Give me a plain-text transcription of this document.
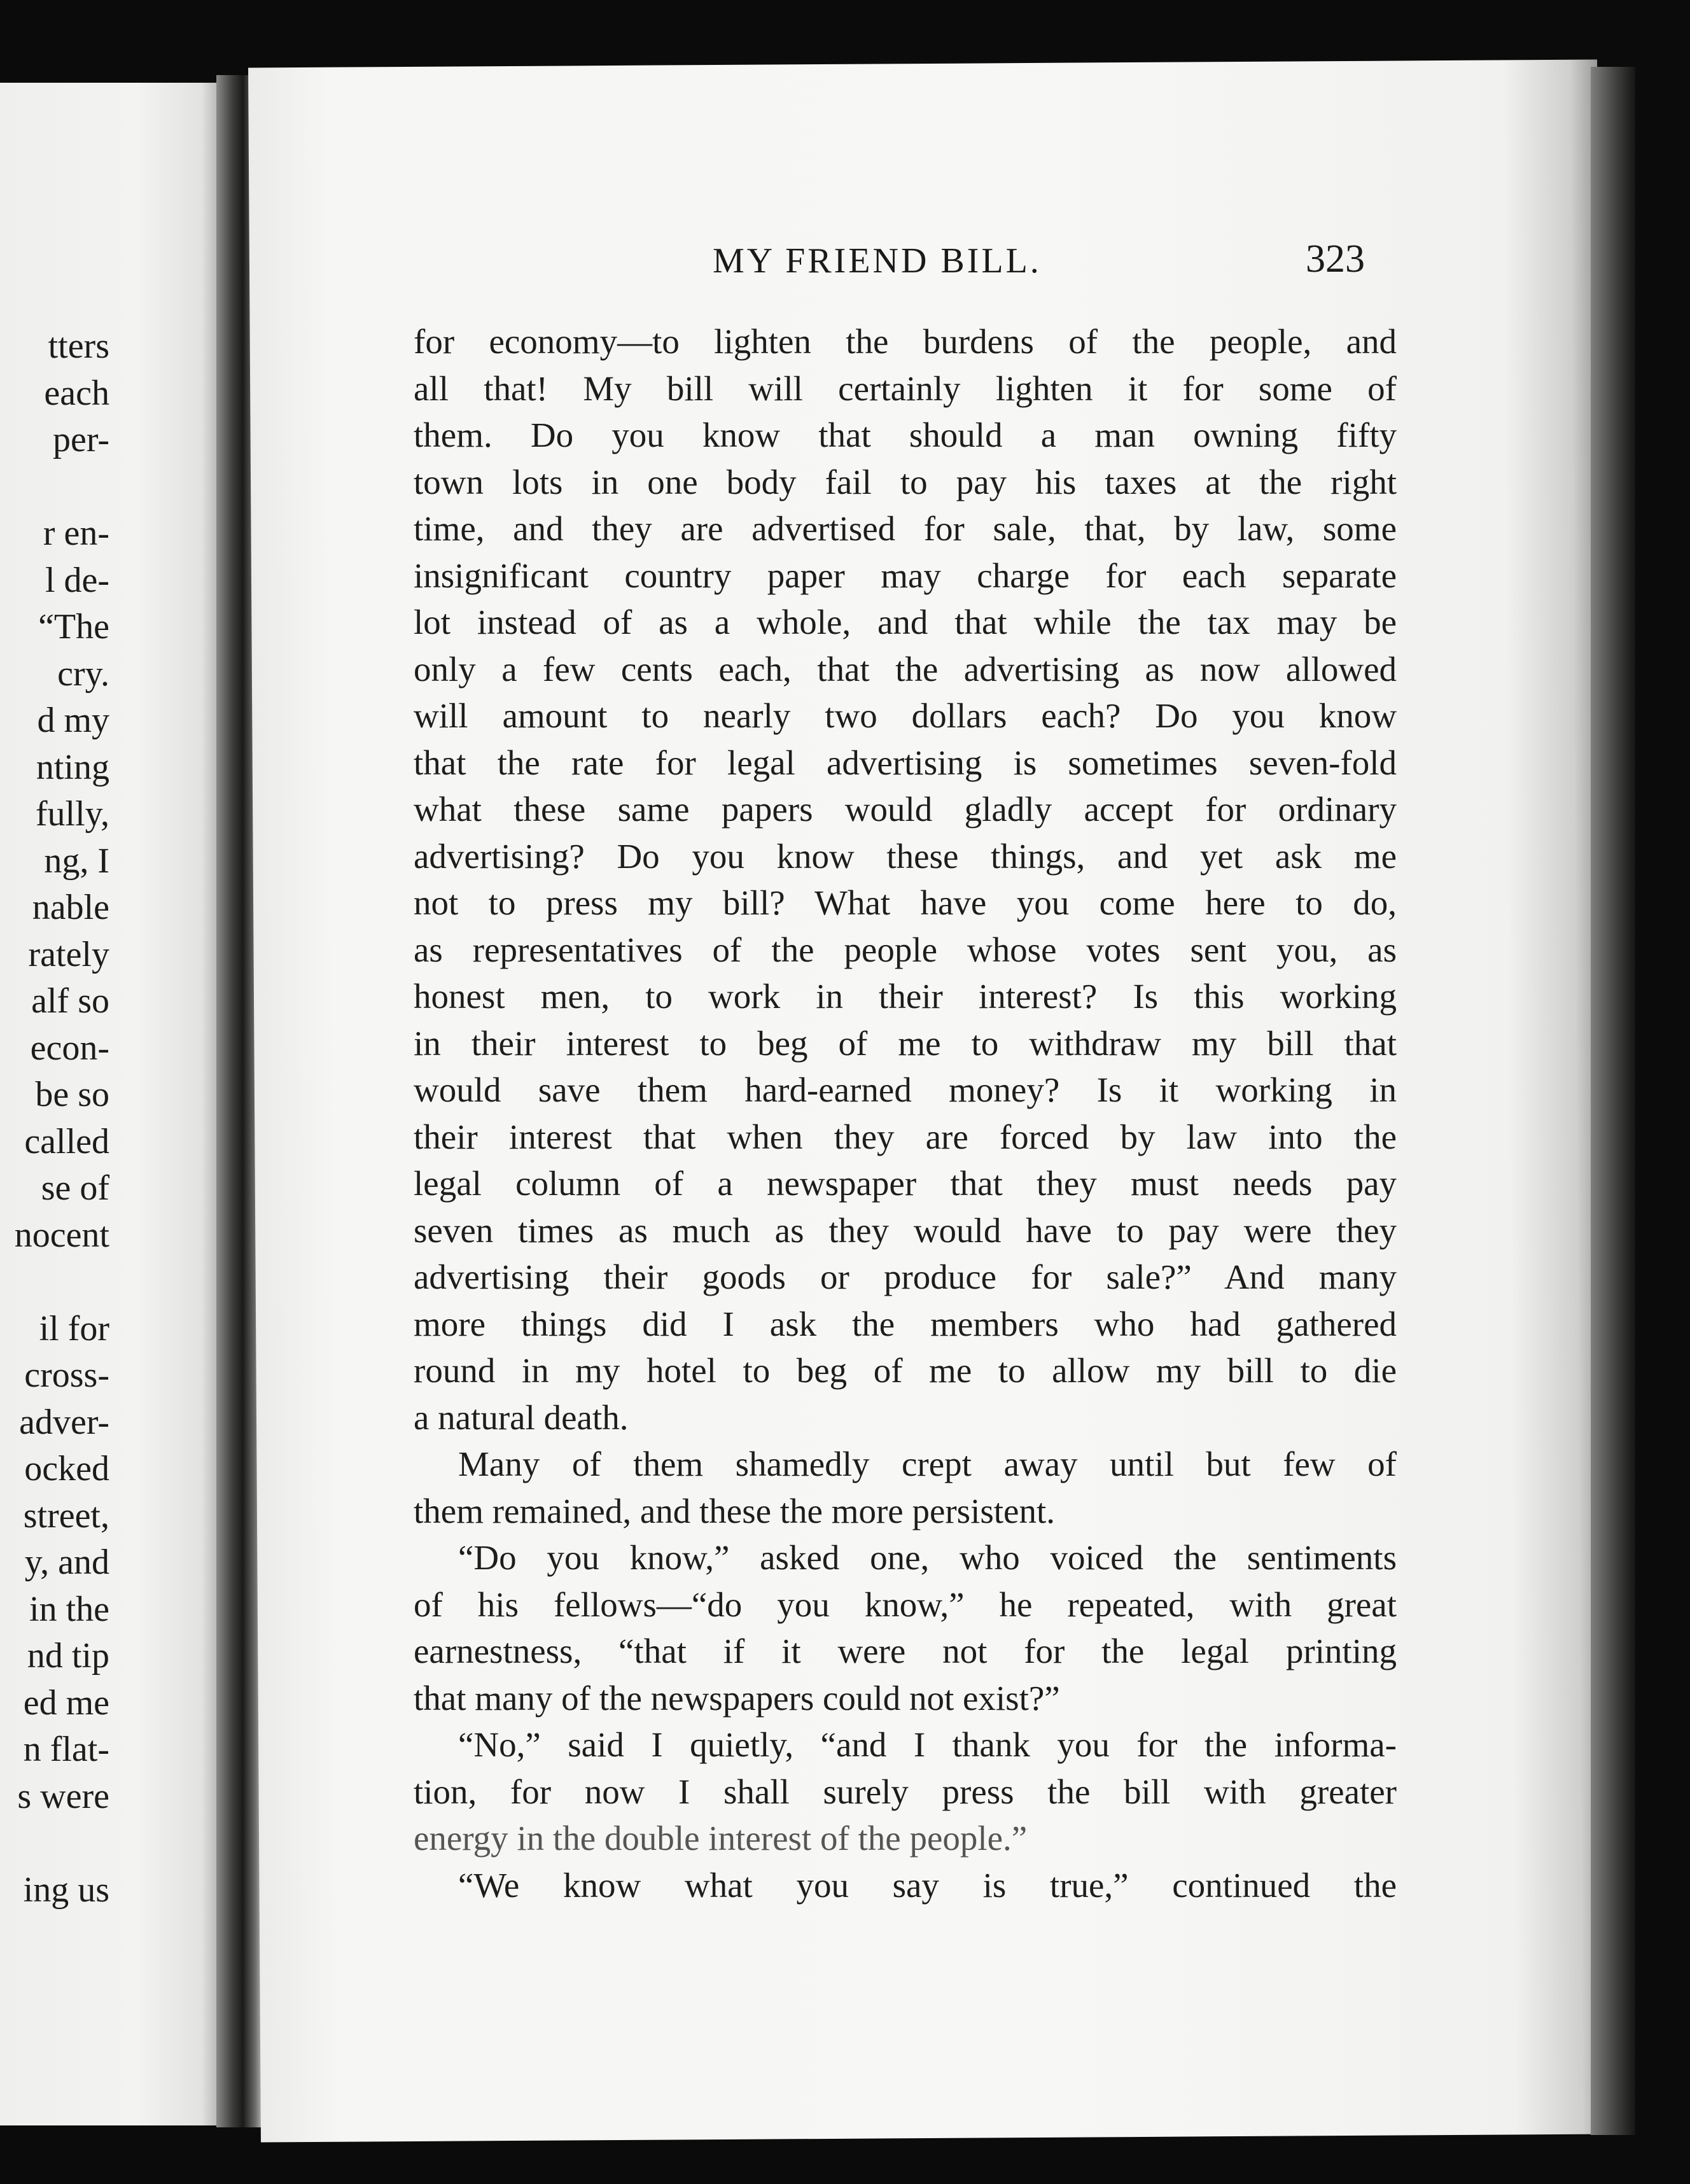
tters
each
per-
r en-
l de-
“The
cry.
d my
nting
fully,
ng, I
nable
rately
alf so
econ-
be so
called
se of
nocent
il for
cross-
adver-
ocked
street,
y, and
in the
nd tip
ed me
n flat-
s were
ing us
MY FRIEND BILL.	323
for economy—to lighten the burdens of the people, and
all that! My bill will certainly lighten it for some of
them. Do you know that should a man owning fifty
town lots in one body fail to pay his taxes at the right
time, and they are advertised for sale, that, by law, some
insignificant country paper may charge for each separate
lot instead of as a whole, and that while the tax may be
only a few cents each, that the advertising as now allowed
will amount to nearly two dollars each? Do you know
that the rate for legal advertising is sometimes seven-fold
what these same papers would gladly accept for ordinary
advertising? Do you know these things, and yet ask me
not to press my bill? What have you come here to do,
as representatives of the people whose votes sent you, as
honest men, to work in their interest? Is this working
in their interest to beg of me to withdraw my bill that
would save them hard-earned money? Is it working in
their interest that when they are forced by law into the
legal column of a newspaper that they must needs pay
seven times as much as they would have to pay were they
advertising their goods or produce for sale?” And many
more things did I ask the members who had gathered
round in my hotel to beg of me to allow my bill to die
a natural death.
Many of them shamedly crept away until but few of
them remained, and these the more persistent.
“Do you know,” asked one, who voiced the sentiments
of his fellows—“do you know,” he repeated, with great
earnestness, “that if it were not for the legal printing
that many of the newspapers could not exist?”
“No,” said I quietly, “and I thank you for the informa-
tion, for now I shall surely press the bill with greater
energy in the double interest of the people.”
“We know what you say is true,” continued the
